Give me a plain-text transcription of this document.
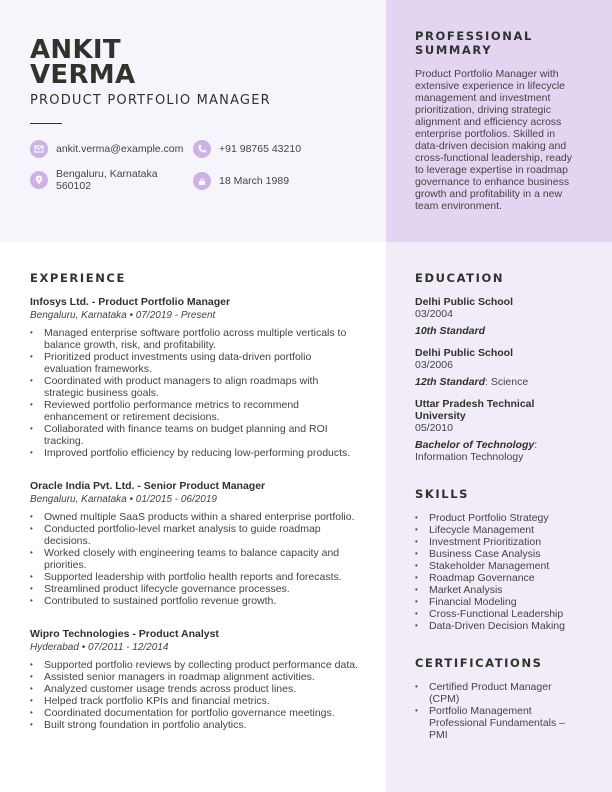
ANKIT
VERMA
PRODUCT PORTFOLIO MANAGER
ankit.verma@example.com	+91 98765 43210
Bengaluru, Karnataka
560102	18 March 1989
PROFESSIONAL
SUMMARY
Product Portfolio Manager with extensive experience in lifecycle management and investment prioritization, driving strategic alignment and efficiency across enterprise portfolios. Skilled in data-driven decision making and cross-functional leadership, ready to leverage expertise in roadmap governance to enhance business growth and profitability in a new team environment.
EXPERIENCE
Infosys Ltd. - Product Portfolio Manager
Bengaluru, Karnataka • 07/2019 - Present
• Managed enterprise software portfolio across multiple verticals to balance growth, risk, and profitability.
• Prioritized product investments using data-driven portfolio evaluation frameworks.
• Coordinated with product managers to align roadmaps with strategic business goals.
• Reviewed portfolio performance metrics to recommend enhancement or retirement decisions.
• Collaborated with finance teams on budget planning and ROI tracking.
• Improved portfolio efficiency by reducing low-performing products.
Oracle India Pvt. Ltd. - Senior Product Manager
Bengaluru, Karnataka • 01/2015 - 06/2019
• Owned multiple SaaS products within a shared enterprise portfolio.
• Conducted portfolio-level market analysis to guide roadmap decisions.
• Worked closely with engineering teams to balance capacity and priorities.
• Supported leadership with portfolio health reports and forecasts.
• Streamlined product lifecycle governance processes.
• Contributed to sustained portfolio revenue growth.
Wipro Technologies - Product Analyst
Hyderabad • 07/2011 - 12/2014
• Supported portfolio reviews by collecting product performance data.
• Assisted senior managers in roadmap alignment activities.
• Analyzed customer usage trends across product lines.
• Helped track portfolio KPIs and financial metrics.
• Coordinated documentation for portfolio governance meetings.
• Built strong foundation in portfolio analytics.
EDUCATION
Delhi Public School
03/2004
10th Standard
Delhi Public School
03/2006
12th Standard: Science
Uttar Pradesh Technical University
05/2010
Bachelor of Technology: Information Technology
SKILLS
• Product Portfolio Strategy
• Lifecycle Management
• Investment Prioritization
• Business Case Analysis
• Stakeholder Management
• Roadmap Governance
• Market Analysis
• Financial Modeling
• Cross-Functional Leadership
• Data-Driven Decision Making
CERTIFICATIONS
• Certified Product Manager (CPM)
• Portfolio Management Professional Fundamentals – PMI
